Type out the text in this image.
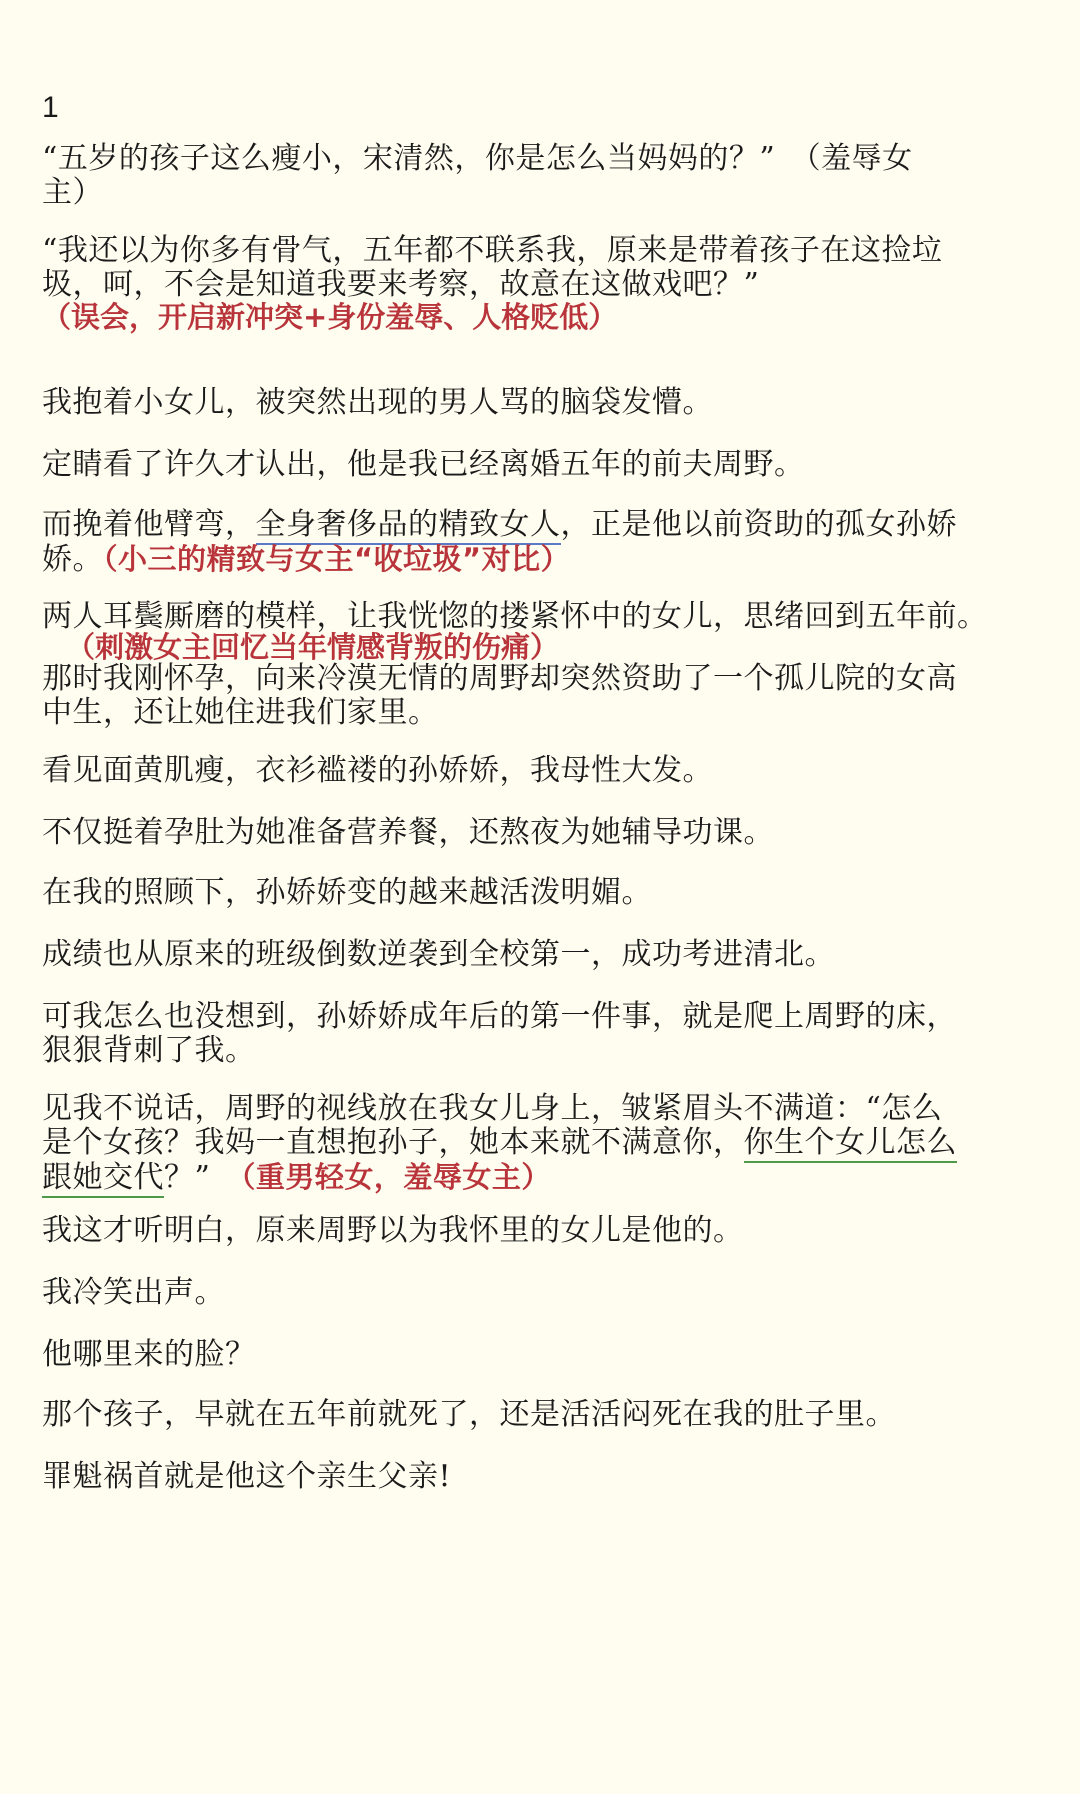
1
“五岁的孩子这么瘦小，宋清然，你是怎么当妈妈的？”　（羞辱女
主）
“我还以为你多有骨气，五年都不联系我，原来是带着孩子在这捡垃
圾，呵，不会是知道我要来考察，故意在这做戏吧？”
（误会，开启新冲突+身份羞辱、人格贬低）
我抱着小女儿，被突然出现的男人骂的脑袋发懵。
定睛看了许久才认出，他是我已经离婚五年的前夫周野。
而挽着他臂弯，全身奢侈品的精致女人，正是他以前资助的孤女孙娇
娇。（小三的精致与女主“收垃圾”对比）
两人耳鬓厮磨的模样，让我恍惚的搂紧怀中的女儿，思绪回到五年前。
（刺激女主回忆当年情感背叛的伤痛）
那时我刚怀孕，向来冷漠无情的周野却突然资助了一个孤儿院的女高
中生，还让她住进我们家里。
看见面黄肌瘦，衣衫褴褛的孙娇娇，我母性大发。
不仅挺着孕肚为她准备营养餐，还熬夜为她辅导功课。
在我的照顾下，孙娇娇变的越来越活泼明媚。
成绩也从原来的班级倒数逆袭到全校第一，成功考进清北。
可我怎么也没想到，孙娇娇成年后的第一件事，就是爬上周野的床，
狠狠背刺了我。
见我不说话，周野的视线放在我女儿身上，皱紧眉头不满道：“怎么
是个女孩？我妈一直想抱孙子，她本来就不满意你，你生个女儿怎么
跟她交代？”　（重男轻女，羞辱女主）
我这才听明白，原来周野以为我怀里的女儿是他的。
我冷笑出声。
他哪里来的脸？
那个孩子，早就在五年前就死了，还是活活闷死在我的肚子里。
罪魁祸首就是他这个亲生父亲!
